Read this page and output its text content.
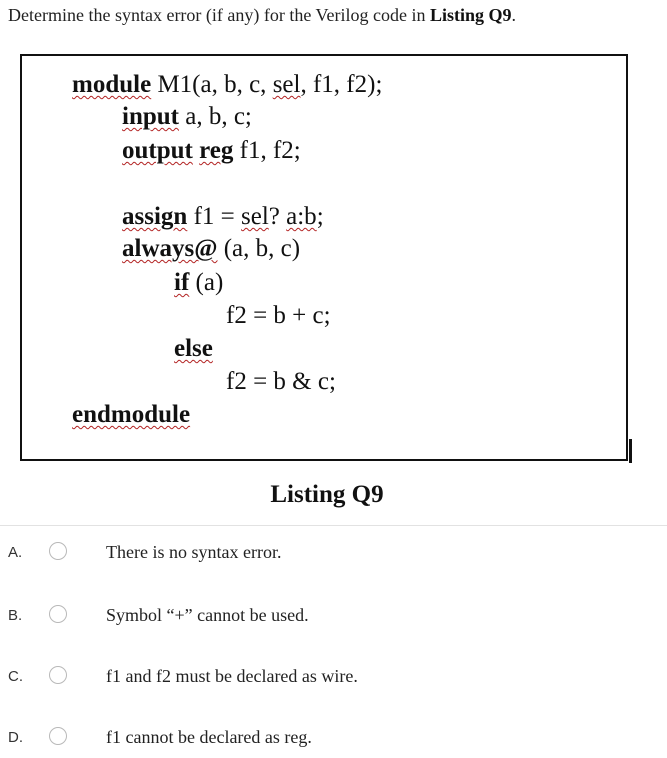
Determine the syntax error (if any) for the Verilog code in Listing Q9.
module M1(a, b, c, sel, f1, f2);
input a, b, c;
output reg f1, f2;
assign f1 = sel? a:b;
always@ (a, b, c)
if (a)
f2 = b + c;
else
f2 = b & c;
endmodule
Listing Q9
A.	There is no syntax error.
B.	Symbol “+” cannot be used.
C.	f1 and f2 must be declared as wire.
D.	f1 cannot be declared as reg.
